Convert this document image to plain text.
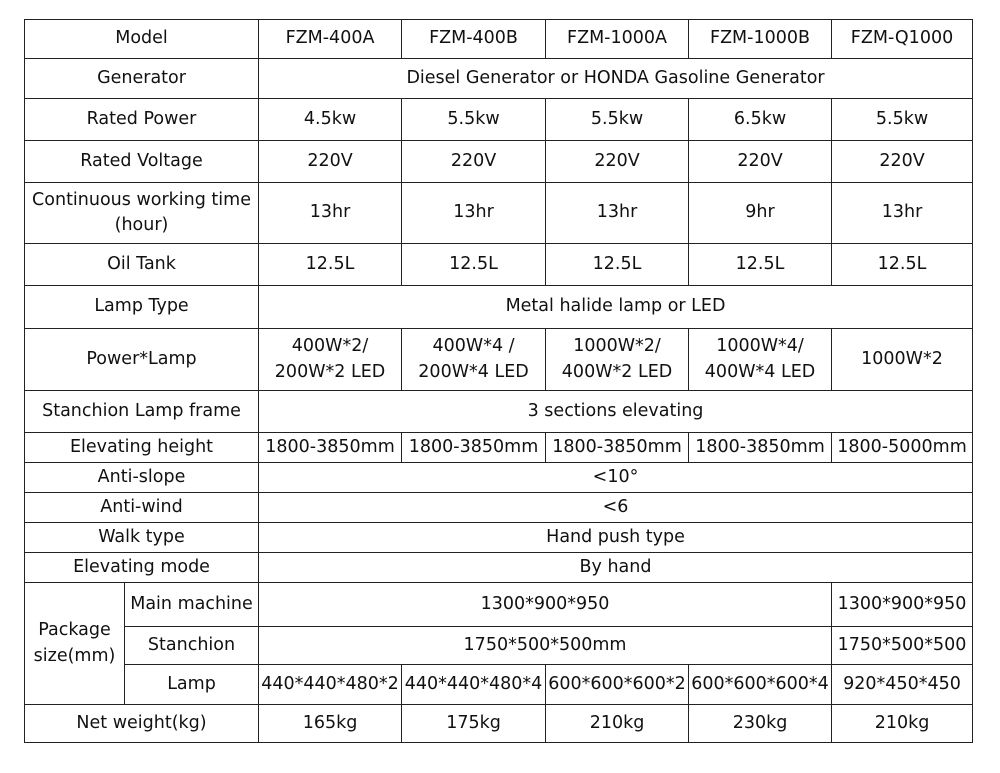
Model		FZM-400A	FZM-400B	FZM-1000A	FZM-1000B	FZM-Q1000
Generator		Diesel Generator or HONDA Gasoline Generator				
Rated Power		4.5kw	5.5kw	5.5kw	6.5kw	5.5kw
Rated Voltage		220V	220V	220V	220V	220V
Continuous working time (hour)		13hr	13hr	13hr	9hr	13hr
Oil Tank		12.5L	12.5L	12.5L	12.5L	12.5L
Lamp Type		Metal halide lamp or LED				
Power*Lamp		400W*2/ 200W*2 LED	400W*4 / 200W*4 LED	1000W*2/ 400W*2 LED	1000W*4/ 400W*4 LED	1000W*2
Stanchion Lamp frame		3 sections elevating				
Elevating height		1800-3850mm	1800-3850mm	1800-3850mm	1800-3850mm	1800-5000mm
Anti-slope		<10°				
Anti-wind		<6				
Walk type		Hand push type				
Elevating mode		By hand				
Package size(mm)	Main machine	1300*900*950				1300*900*950
	Stanchion	1750*500*500mm				1750*500*500
	Lamp	440*440*480*2	440*440*480*4	600*600*600*2	600*600*600*4	920*450*450
Net weight(kg)		165kg	175kg	210kg	230kg	210kg
